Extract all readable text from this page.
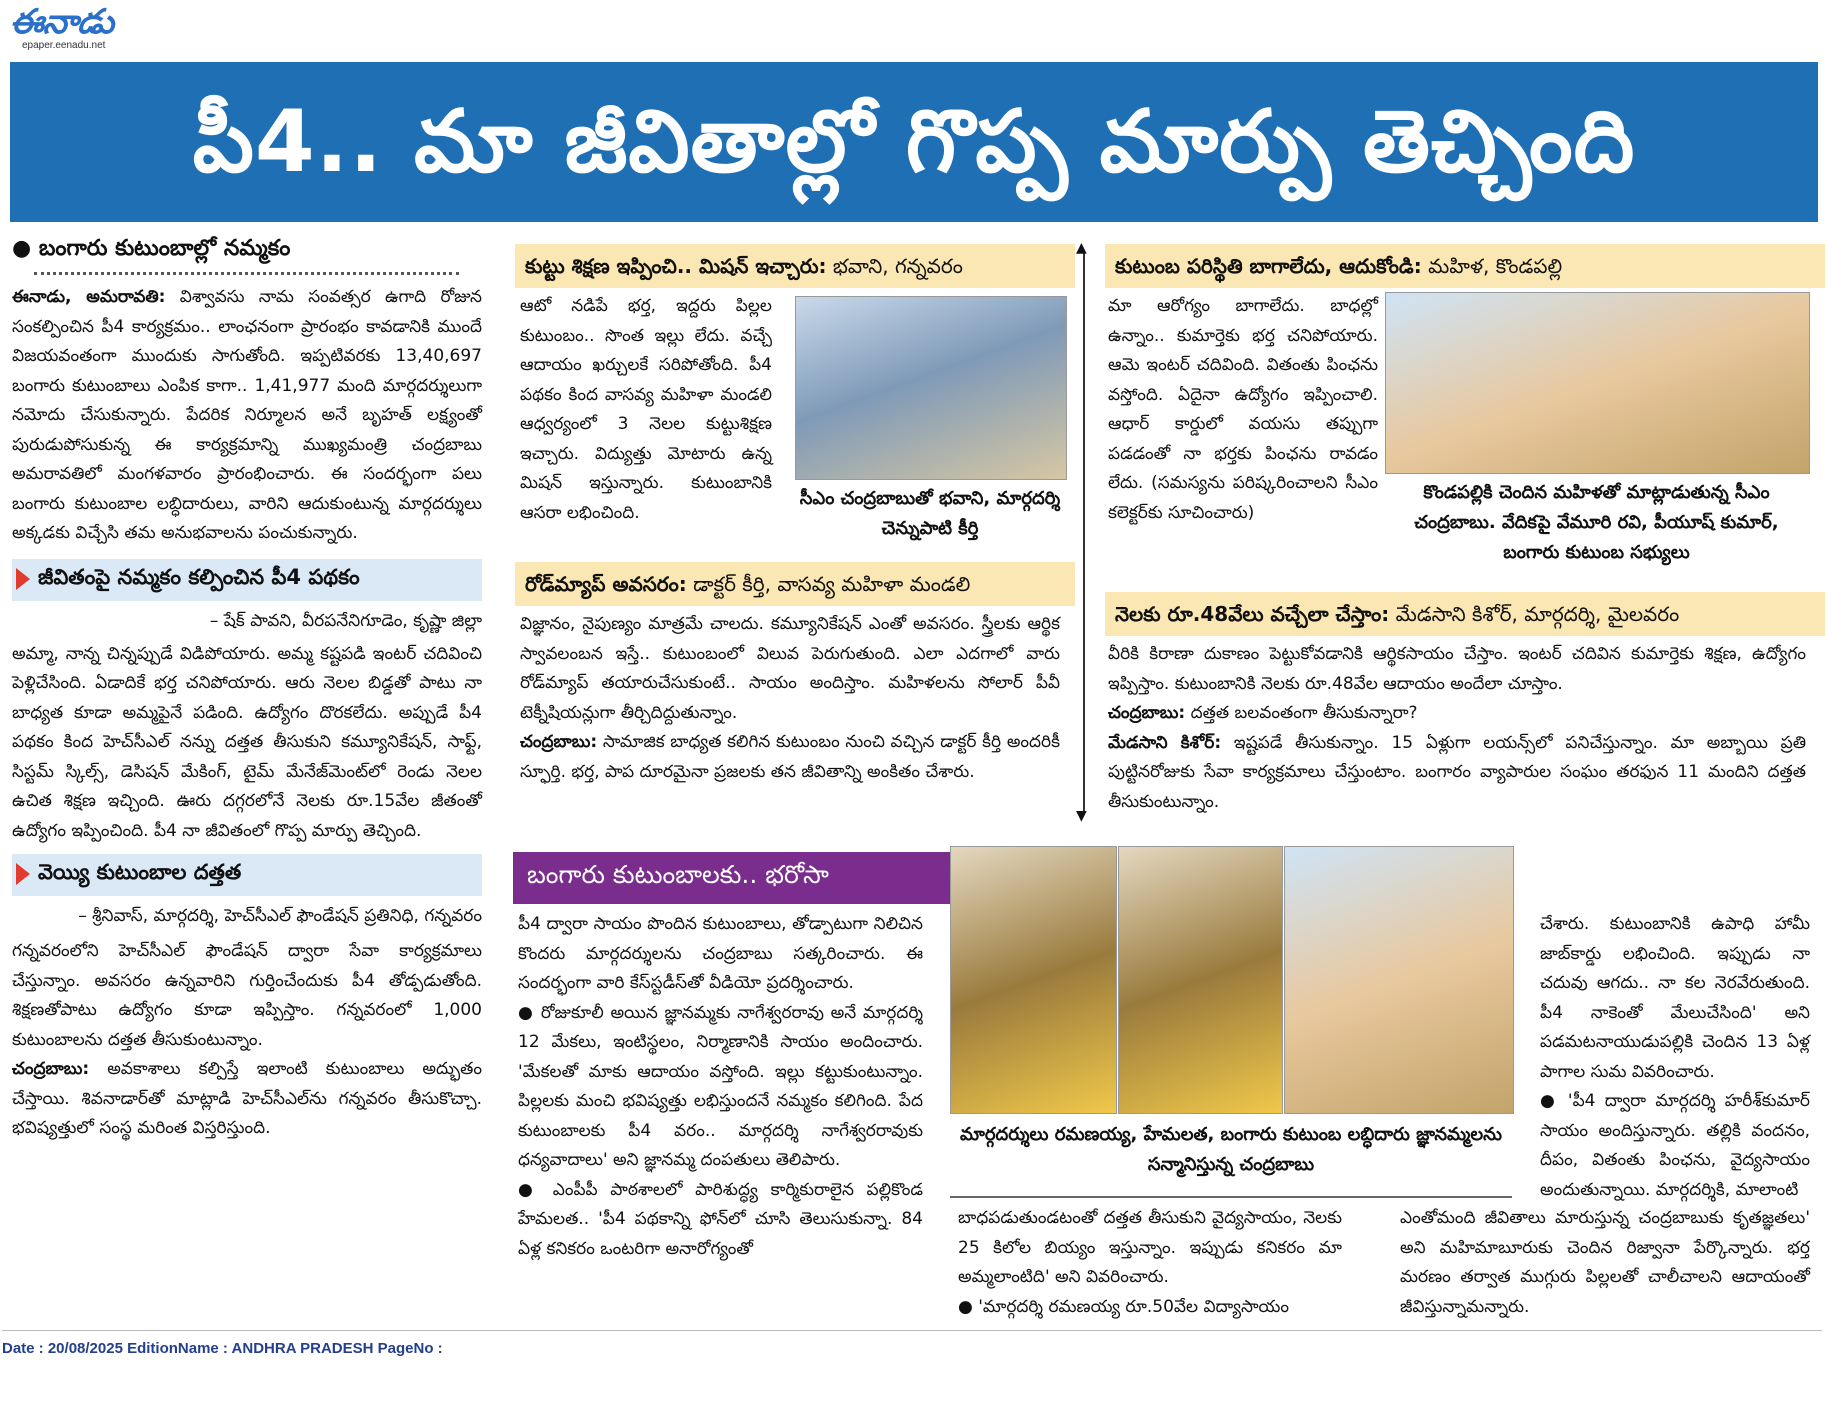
ఈనాడు
epaper.eenadu.net
పీ4.. మా జీవితాల్లో గొప్ప మార్పు తెచ్చింది
● బంగారు కుటుంబాల్లో నమ్మకం

ఈనాడు, అమరావతి: విశ్వావసు నామ సంవత్సర ఉగాది రోజున సంకల్పించిన పీ4 కార్యక్రమం.. లాంఛనంగా ప్రారంభం కావడానికి ముందే విజయవంతంగా ముందుకు సాగుతోంది. ఇప్పటివరకు 13,40,697 బంగారు కుటుంబాలు ఎంపిక కాగా.. 1,41,977 మంది మార్గదర్శులుగా నమోదు చేసుకున్నారు. పేదరిక నిర్మూలన అనే బృహత్ లక్ష్యంతో పురుడుపోసుకున్న ఈ కార్యక్రమాన్ని ముఖ్యమంత్రి చంద్రబాబు అమరావతిలో మంగళవారం ప్రారంభించారు. ఈ సందర్భంగా పలు బంగారు కుటుంబాల లబ్ధిదారులు, వారిని ఆదుకుంటున్న మార్గదర్శులు అక్కడకు విచ్చేసి తమ అనుభవాలను పంచుకున్నారు.

జీవితంపై నమ్మకం కల్పించిన పీ4 పథకం
– షేక్ పావని, వీరపనేనిగూడెం, కృష్ణా జిల్లా

అమ్మా, నాన్న చిన్నప్పుడే విడిపోయారు. అమ్మ కష్టపడి ఇంటర్ చదివించి పెళ్లిచేసింది. ఏడాదికే భర్త చనిపోయారు. ఆరు నెలల బిడ్డతో పాటు నా బాధ్యత కూడా అమ్మపైనే పడింది. ఉద్యోగం దొరకలేదు. అప్పుడే పీ4 పథకం కింద హెచ్‌సీఎల్ నన్ను దత్తత తీసుకుని కమ్యూనికేషన్, సాఫ్ట్, సిస్టమ్ స్కిల్స్, డెసిషన్ మేకింగ్, టైమ్ మేనేజ్‌మెంట్‌లో రెండు నెలల ఉచిత శిక్షణ ఇచ్చింది. ఊరు దగ్గరలోనే నెలకు రూ.15వేల జీతంతో ఉద్యోగం ఇప్పించింది. పీ4 నా జీవితంలో గొప్ప మార్పు తెచ్చింది.

వెయ్యి కుటుంబాల దత్తత
– శ్రీనివాస్, మార్గదర్శి, హెచ్‌సీఎల్ ఫౌండేషన్ ప్రతినిధి, గన్నవరం

గన్నవరంలోని హెచ్‌సీఎల్ ఫౌండేషన్ ద్వారా సేవా కార్యక్రమాలు చేస్తున్నాం. అవసరం ఉన్నవారిని గుర్తించేందుకు పీ4 తోడ్పడుతోంది. శిక్షణతోపాటు ఉద్యోగం కూడా ఇప్పిస్తాం. గన్నవరంలో 1,000 కుటుంబాలను దత్తత తీసుకుంటున్నాం.

చంద్రబాబు: అవకాశాలు కల్పిస్తే ఇలాంటి కుటుంబాలు అద్భుతం చేస్తాయి. శివనాడార్‌తో మాట్లాడి హెచ్‌సీఎల్‌ను గన్నవరం తీసుకొచ్చా. భవిష్యత్తులో సంస్థ మరింత విస్తరిస్తుంది.

కుట్టు శిక్షణ ఇప్పించి.. మిషన్ ఇచ్చారు: భవాని, గన్నవరం

ఆటో నడిపే భర్త, ఇద్దరు పిల్లల కుటుంబం.. సొంత ఇల్లు లేదు. వచ్చే ఆదాయం ఖర్చులకే సరిపోతోంది. పీ4 పథకం కింద వాసవ్య మహిళా మండలి ఆధ్వర్యంలో 3 నెలల కుట్టుశిక్షణ ఇచ్చారు. విద్యుత్తు మోటారు ఉన్న మిషన్ ఇస్తున్నారు. కుటుంబానికి ఆసరా లభించింది.

సీఎం చంద్రబాబుతో భవాని, మార్గదర్శి చెన్నుపాటి కీర్తి
రోడ్‌మ్యాప్ అవసరం: డాక్టర్ కీర్తి, వాసవ్య మహిళా మండలి

విజ్ఞానం, నైపుణ్యం మాత్రమే చాలదు. కమ్యూనికేషన్ ఎంతో అవసరం. స్త్రీలకు ఆర్థిక స్వావలంబన ఇస్తే.. కుటుంబంలో విలువ పెరుగుతుంది. ఎలా ఎదగాలో వారు రోడ్‌మ్యాప్ తయారుచేసుకుంటే.. సాయం అందిస్తాం. మహిళలను సోలార్ పీవీ టెక్నీషియన్లుగా తీర్చిదిద్దుతున్నాం.

చంద్రబాబు: సామాజిక బాధ్యత కలిగిన కుటుంబం నుంచి వచ్చిన డాక్టర్ కీర్తి అందరికీ స్ఫూర్తి. భర్త, పాప దూరమైనా ప్రజలకు తన జీవితాన్ని అంకితం చేశారు.

▲
▼
కుటుంబ పరిస్థితి బాగాలేదు, ఆదుకోండి: మహిళ, కొండపల్లి

మా ఆరోగ్యం బాగాలేదు. బాధల్లో ఉన్నాం.. కుమార్తెకు భర్త చనిపోయారు. ఆమె ఇంటర్ చదివింది. వితంతు పింఛను వస్తోంది. ఏదైనా ఉద్యోగం ఇప్పించాలి. ఆధార్ కార్డులో వయసు తప్పుగా పడడంతో నా భర్తకు పింఛను రావడం లేదు. (సమస్యను పరిష్కరించాలని సీఎం కలెక్టర్‌కు సూచించారు)

కొండపల్లికి చెందిన మహిళతో మాట్లాడుతున్న సీఎం చంద్రబాబు. వేదికపై వేమూరి రవి, పీయూష్ కుమార్, బంగారు కుటుంబ సభ్యులు
నెలకు రూ.48వేలు వచ్చేలా చేస్తాం: మేడసాని కిశోర్, మార్గదర్శి, మైలవరం

వీరికి కిరాణా దుకాణం పెట్టుకోవడానికి ఆర్థికసాయం చేస్తాం. ఇంటర్ చదివిన కుమార్తెకు శిక్షణ, ఉద్యోగం ఇప్పిస్తాం. కుటుంబానికి నెలకు రూ.48వేల ఆదాయం అందేలా చూస్తాం.

చంద్రబాబు: దత్తత బలవంతంగా తీసుకున్నారా?

మేడసాని కిశోర్: ఇష్టపడే తీసుకున్నాం. 15 ఏళ్లుగా లయన్స్‌లో పనిచేస్తున్నాం. మా అబ్బాయి ప్రతి పుట్టినరోజుకు సేవా కార్యక్రమాలు చేస్తుంటాం. బంగారం వ్యాపారుల సంఘం తరఫున 11 మందిని దత్తత తీసుకుంటున్నాం.

బంగారు కుటుంబాలకు.. భరోసా

పీ4 ద్వారా సాయం పొందిన కుటుంబాలు, తోడ్పాటుగా నిలిచిన కొందరు మార్గదర్శులను చంద్రబాబు సత్కరించారు. ఈ సందర్భంగా వారి కేస్‌స్టడీస్‌తో వీడియో ప్రదర్శించారు.

● రోజుకూలీ అయిన జ్ఞానమ్మకు నాగేశ్వరరావు అనే మార్గదర్శి 12 మేకలు, ఇంటిస్థలం, నిర్మాణానికి సాయం అందించారు. 'మేకలతో మాకు ఆదాయం వస్తోంది. ఇల్లు కట్టుకుంటున్నాం. పిల్లలకు మంచి భవిష్యత్తు లభిస్తుందనే నమ్మకం కలిగింది. పేద కుటుంబాలకు పీ4 వరం.. మార్గదర్శి నాగేశ్వరరావుకు ధన్యవాదాలు' అని జ్ఞానమ్మ దంపతులు తెలిపారు.

● ఎంపీపీ పాఠశాలలో పారిశుద్ధ్య కార్మికురాలైన పల్లికొండ హేమలత.. 'పీ4 పథకాన్ని ఫోన్‌లో చూసి తెలుసుకున్నా. 84 ఏళ్ల కనికరం ఒంటరిగా అనారోగ్యంతో

మార్గదర్శులు రమణయ్య, హేమలత, బంగారు కుటుంబ లబ్ధిదారు జ్ఞానమ్మలను సన్మానిస్తున్న చంద్రబాబు

బాధపడుతుండటంతో దత్తత తీసుకుని వైద్యసాయం, నెలకు 25 కిలోల బియ్యం ఇస్తున్నాం. ఇప్పుడు కనికరం మా అమ్మలాంటిది' అని వివరించారు.

● 'మార్గదర్శి రమణయ్య రూ.50వేల విద్యాసాయం

చేశారు. కుటుంబానికి ఉపాధి హామీ జాబ్‌కార్డు లభించింది. ఇప్పుడు నా చదువు ఆగదు.. నా కల నెరవేరుతుంది. పీ4 నాకెంతో మేలుచేసింది' అని పడమటనాయుడుపల్లికి చెందిన 13 ఏళ్ల పాగాల సుమ వివరించారు.

● 'పీ4 ద్వారా మార్గదర్శి హరీశ్‌కుమార్ సాయం అందిస్తున్నారు. తల్లికి వందనం, దీపం, వితంతు పింఛను, వైద్యసాయం అందుతున్నాయి. మార్గదర్శికి, మాలాంటి

ఎంతోమంది జీవితాలు మారుస్తున్న చంద్రబాబుకు కృతజ్ఞతలు' అని మహిమాబూరుకు చెందిన రిజ్వానా పేర్కొన్నారు. భర్త మరణం తర్వాత ముగ్గురు పిల్లలతో చాలీచాలని ఆదాయంతో జీవిస్తున్నామన్నారు.

Date : 20/08/2025 EditionName : ANDHRA PRADESH PageNo :
